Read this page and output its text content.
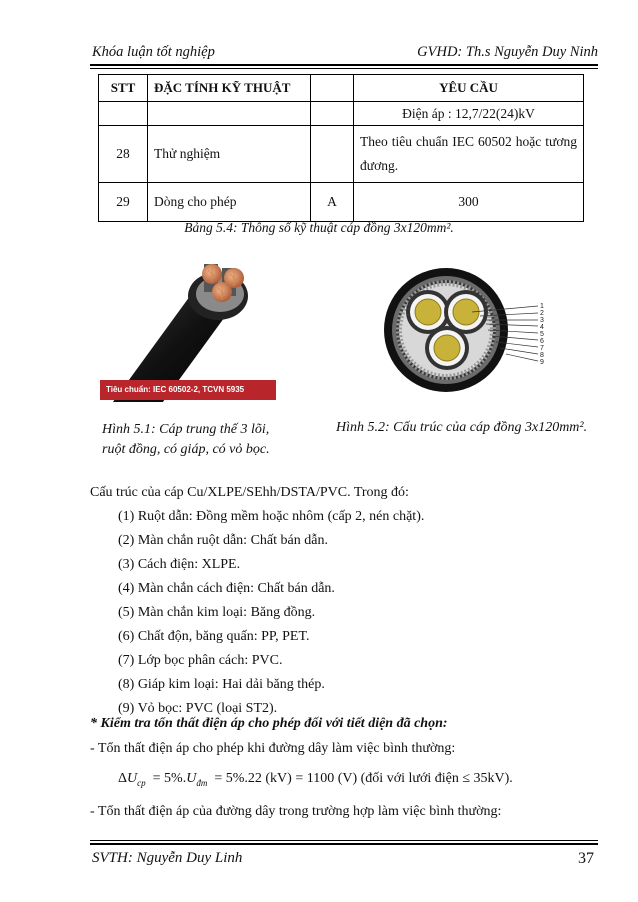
Khóa luận tốt nghiệp	GVHD: Th.s Nguyễn Duy Ninh
STT	ĐẶC TÍNH KỸ THUẬT		YÊU CẦU
			Điện áp : 12,7/22(24)kV
28	Thử nghiệm		Theo tiêu chuẩn IEC 60502 hoặc tương đương.
29	Dòng cho phép	A	300
Bảng 5.4: Thông số kỹ thuật cáp đồng 3x120mm².
Tiêu chuẩn: IEC 60502-2, TCVN 5935
1
2
3
4
5
6
7
8
9
Hình 5.1: Cáp trung thế 3 lõi,
ruột đồng, có giáp, có vỏ bọc.
Hình 5.2: Cấu trúc của cáp đồng 3x120mm².
Cấu trúc của cáp Cu/XLPE/SEhh/DSTA/PVC. Trong đó:
(1) Ruột dẫn: Đồng mềm hoặc nhôm (cấp 2, nén chặt).
(2) Màn chắn ruột dẫn: Chất bán dẫn.
(3) Cách điện: XLPE.
(4) Màn chắn cách điện: Chất bán dẫn.
(5) Màn chắn kim loại: Băng đồng.
(6) Chất độn, băng quấn: PP, PET.
(7) Lớp bọc phân cách: PVC.
(8) Giáp kim loại: Hai dải băng thép.
(9) Vỏ bọc: PVC (loại ST2).
* Kiểm tra tổn thất điện áp cho phép đối với tiết diện đã chọn:
- Tổn thất điện áp cho phép khi đường dây làm việc bình thường:
$\Delta U_{cp} = 5\%.U_{đm} = 5\%.22$ (kV) = 1100 (V) (đối với lưới điện ≤ 35kV).
- Tổn thất điện áp của đường dây trong trường hợp làm việc bình thường:
SVTH: Nguyễn Duy Linh	37
